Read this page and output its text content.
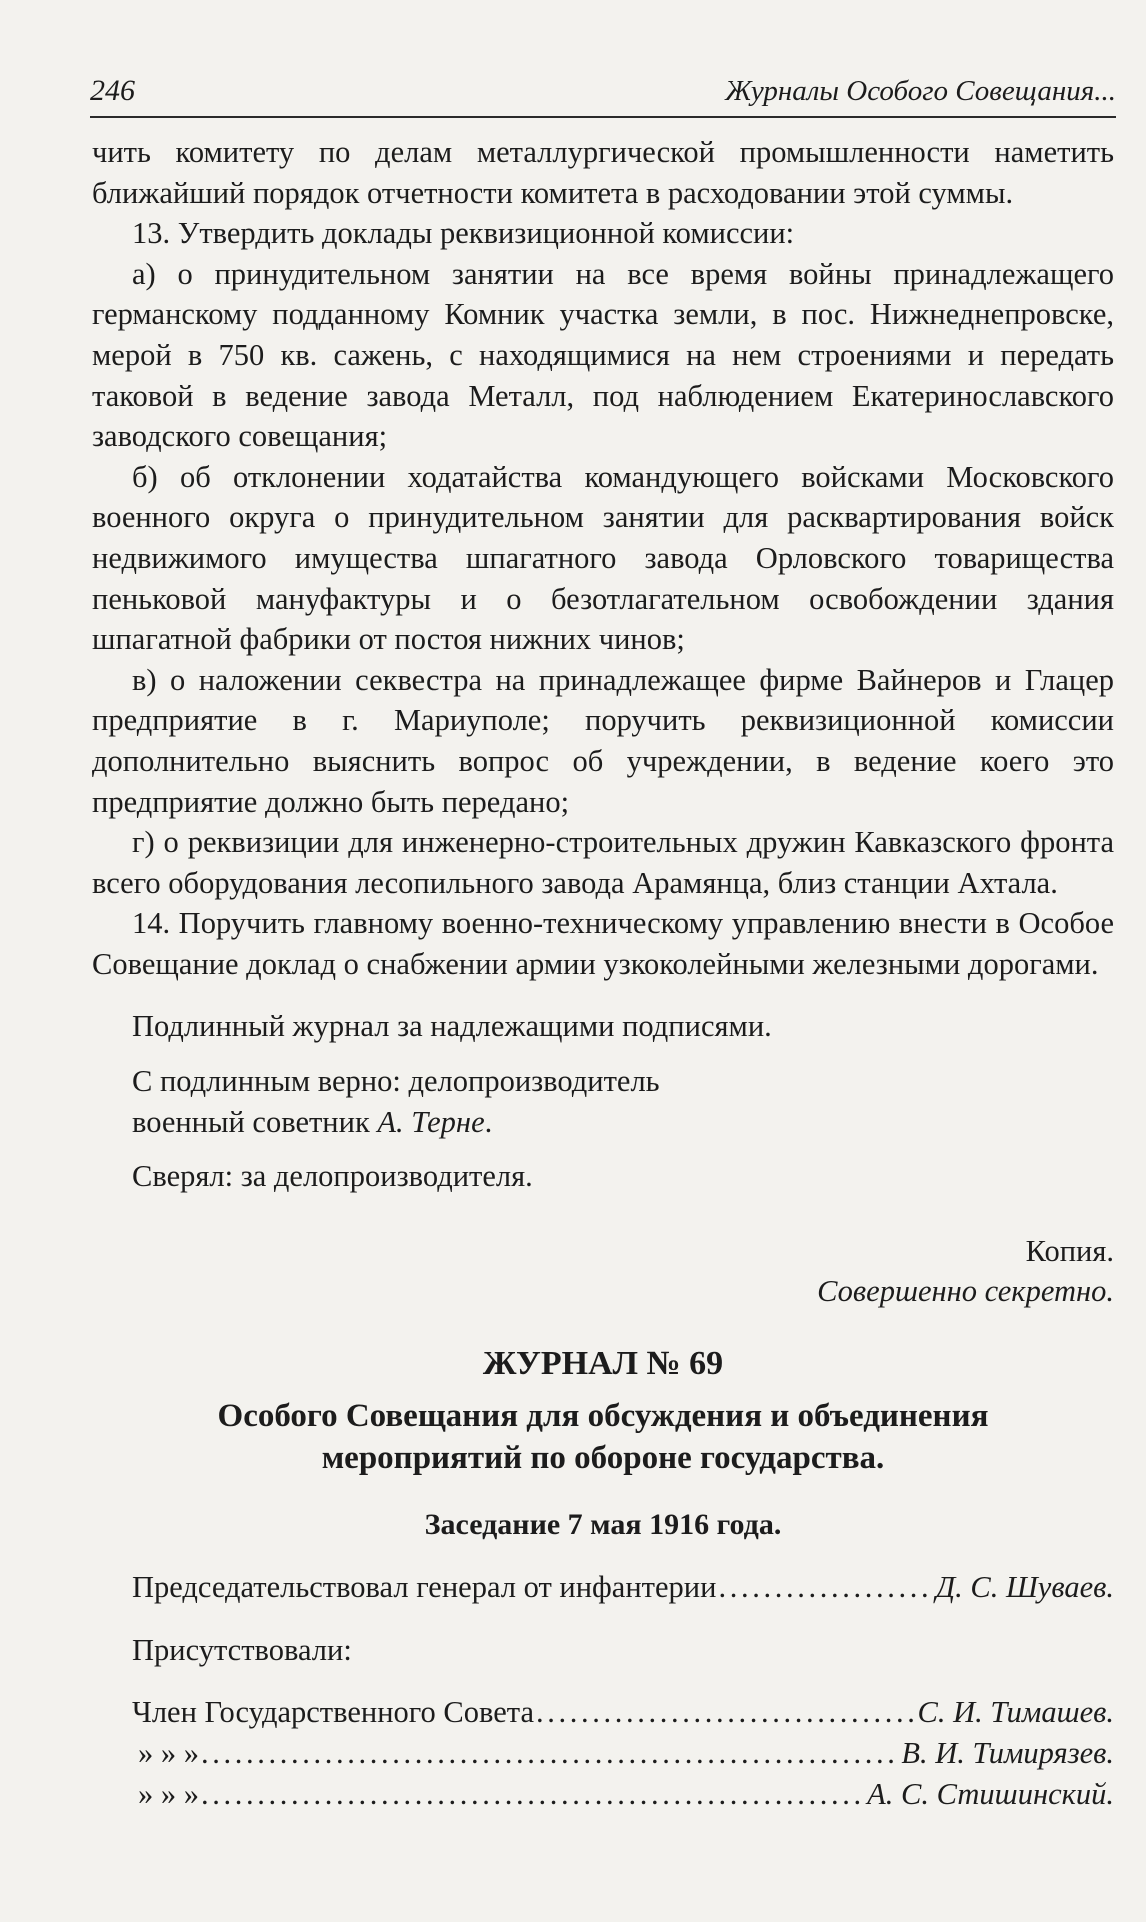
246	Журналы Особого Совещания...

чить комитету по делам металлургической промышленности наметить ближайший порядок отчетности комитета в расходовании этой суммы.

13. Утвердить доклады реквизиционной комиссии:

а) о принудительном занятии на все время войны принадлежащего германскому подданному Комник участка земли, в пос. Нижнеднепровске, мерой в 750 кв. сажень, с находящимися на нем строениями и передать таковой в ведение завода Металл, под наблюдением Екатеринославского заводского совещания;

б) об отклонении ходатайства командующего войсками Московского военного округа о принудительном занятии для расквартирования войск недвижимого имущества шпагатного завода Орловского товарищества пеньковой мануфактуры и о безотлагательном освобождении здания шпагатной фабрики от постоя нижних чинов;

в) о наложении секвестра на принадлежащее фирме Вайнеров и Глацер предприятие в г. Мариуполе; поручить реквизиционной комиссии дополнительно выяснить вопрос об учреждении, в ведение коего это предприятие должно быть передано;

г) о реквизиции для инженерно-строительных дружин Кавказского фронта всего оборудования лесопильного завода Арамянца, близ станции Ахтала.

14. Поручить главному военно-техническому управлению внести в Особое Совещание доклад о снабжении армии узкоколейными железными дорогами.

Подлинный журнал за надлежащими подписями.

С подлинным верно: делопроизводитель

военный советник А. Терне.

Сверял: за делопроизводителя.

Копия.

Совершенно секретно.

ЖУРНАЛ № 69

Особого Совещания для обсуждения и объединения

мероприятий по обороне государства.

Заседание 7 мая 1916 года.

Председательствовал генерал от инфантерии . . .	Д. С. Шуваев.

Присутствовали:

Член Государственного Совета . . .	С. И. Тимашев.
» » » . . .	В. И. Тимирязев.
» » » . . .	А. С. Стишинский.
